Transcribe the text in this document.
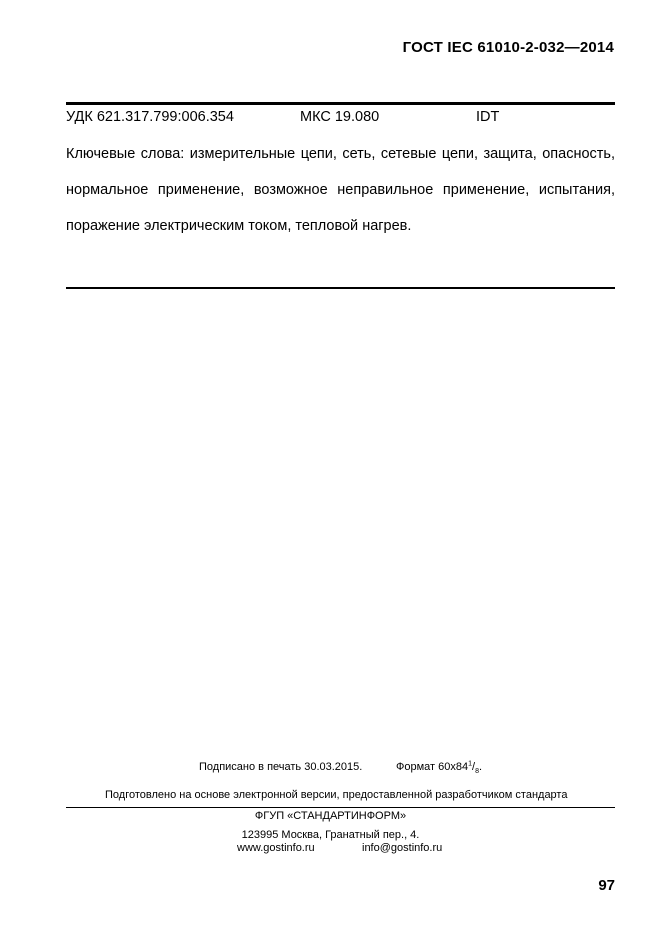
ГОСТ IEC 61010-2-032—2014
УДК 621.317.799:006.354	МКС 19.080	IDT

Ключевые слова: измерительные цепи, сеть, сетевые цепи, защита, опасность, нормальное применение, возможное неправильное применение, испытания, поражение электрическим током, тепловой нагрев.

Подписано в печать 30.03.2015.	Формат $60x84^1/_8$.
Подготовлено на основе электронной версии, предоставленной разработчиком стандарта
ФГУП «СТАНДАРТИНФОРМ»
123995 Москва, Гранатный пер., 4.
www.gostinfo.ru	info@gostinfo.ru
97
